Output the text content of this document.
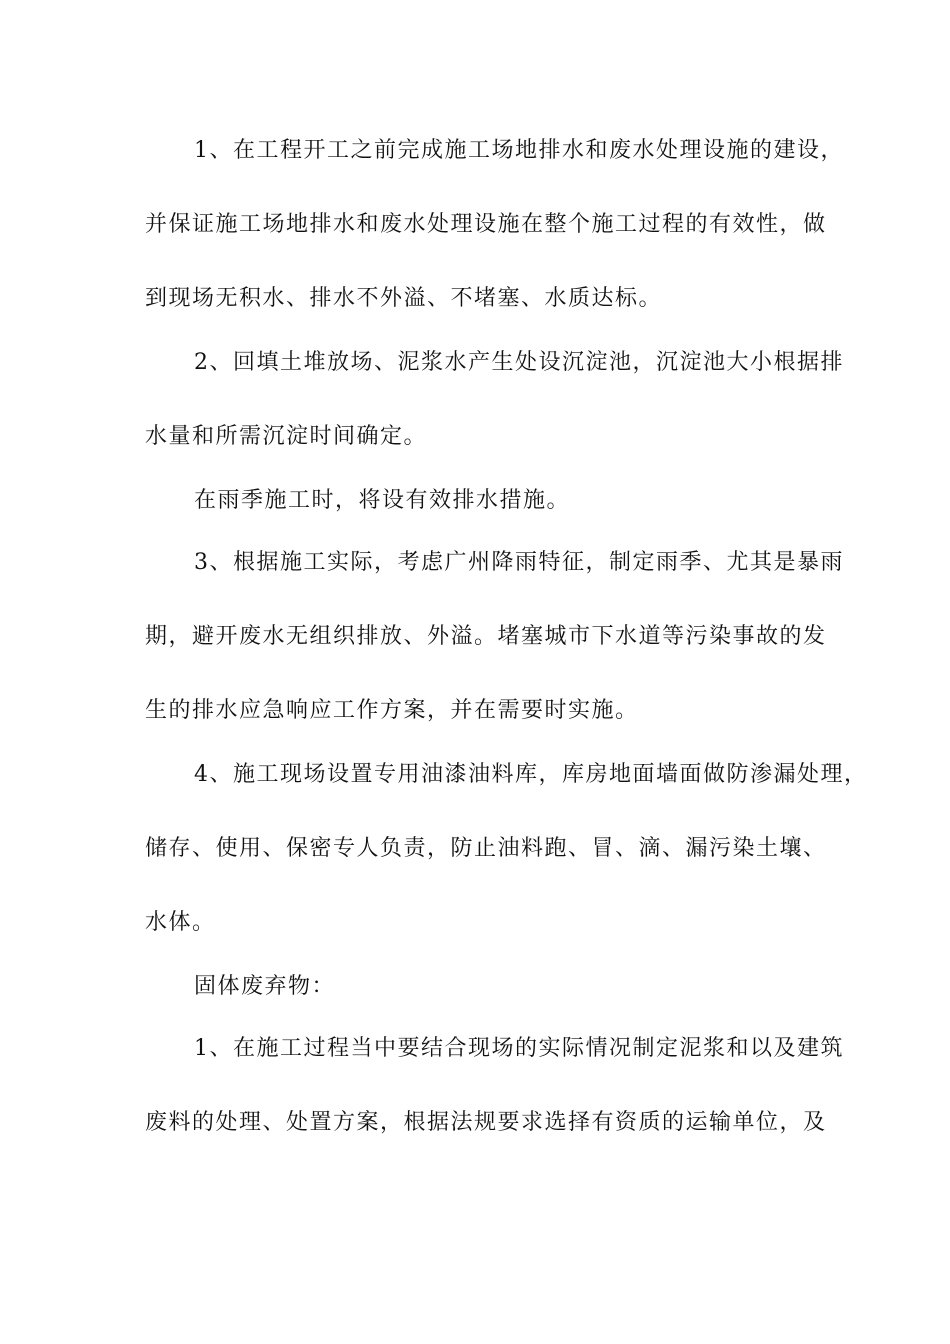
1、在工程开工之前完成施工场地排水和废水处理设施的建设，
并保证施工场地排水和废水处理设施在整个施工过程的有效性，做
到现场无积水、排水不外溢、不堵塞、水质达标。
2、回填土堆放场、泥浆水产生处设沉淀池，沉淀池大小根据排
水量和所需沉淀时间确定。
在雨季施工时，将设有效排水措施。
3、根据施工实际，考虑广州降雨特征，制定雨季、尤其是暴雨
期，避开废水无组织排放、外溢。堵塞城市下水道等污染事故的发
生的排水应急响应工作方案，并在需要时实施。
4、施工现场设置专用油漆油料库，库房地面墙面做防渗漏处理，
储存、使用、保密专人负责，防止油料跑、冒、滴、漏污染土壤、
水体。
固体废弃物：
1、在施工过程当中要结合现场的实际情况制定泥浆和以及建筑
废料的处理、处置方案，根据法规要求选择有资质的运输单位，及
